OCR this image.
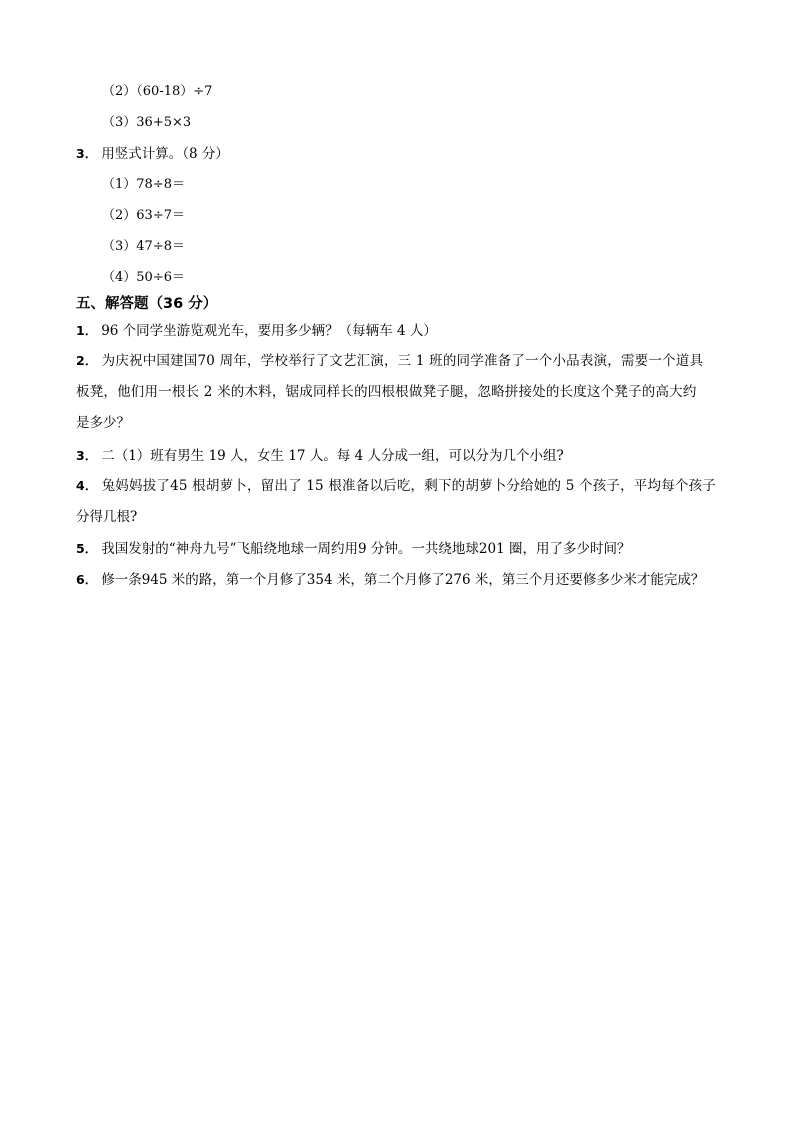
（2）（60-18）÷7
（3）36+5×3
3． 用竖式计算。（8 分）
（1）78÷8＝
（2）63÷7＝
（3）47÷8＝
（4）50÷6＝
五、解答题（36 分）
1． 96 个同学坐游览观光车，要用多少辆？（每辆车 4 人）
2． 为庆祝中国建国70 周年，学校举行了文艺汇演，三 1 班的同学准备了一个小品表演，需要一个道具
板凳，他们用一根长 2 米的木料，锯成同样长的四根根做凳子腿，忽略拼接处的长度这个凳子的高大约
是多少？
3． 二（1）班有男生 19 人，女生 17 人。每 4 人分成一组，可以分为几个小组?
4． 兔妈妈拔了45 根胡萝卜，留出了 15 根准备以后吃，剩下的胡萝卜分给她的 5 个孩子，平均每个孩子
分得几根?
5． 我国发射的“神舟九号”飞船绕地球一周约用9 分钟。一共绕地球201 圈，用了多少时间？
6． 修一条945 米的路，第一个月修了354 米，第二个月修了276 米，第三个月还要修多少米才能完成？
